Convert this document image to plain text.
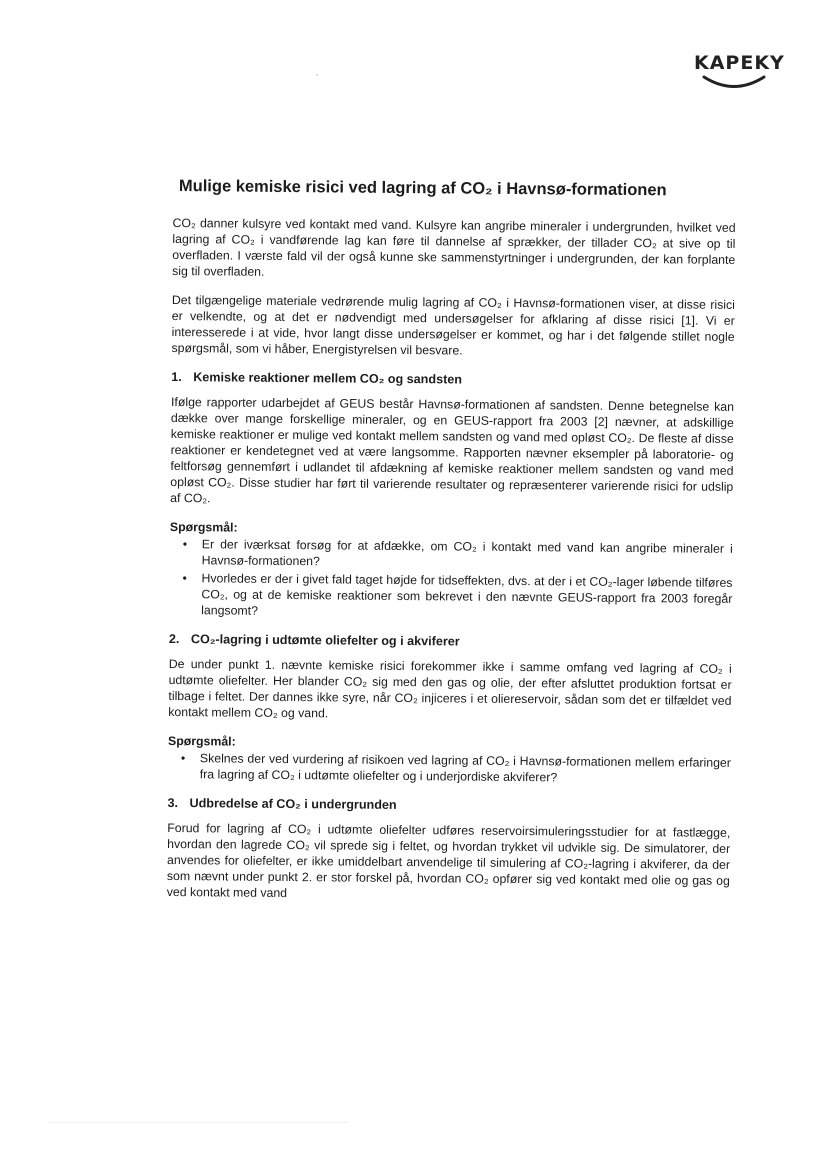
KAPEKY
Mulige kemiske risici ved lagring af CO₂ i Havnsø-formationen

CO₂ danner kulsyre ved kontakt med vand. Kulsyre kan angribe mineraler i undergrunden, hvilket ved lagring af CO₂ i vandførende lag kan føre til dannelse af sprækker, der tillader CO₂ at sive op til overfladen. I værste fald vil der også kunne ske sammenstyrtninger i undergrunden, der kan forplante sig til overfladen.

Det tilgængelige materiale vedrørende mulig lagring af CO₂ i Havnsø-formationen viser, at disse risici er velkendte, og at det er nødvendigt med undersøgelser for afklaring af disse risici [1]. Vi er interesserede i at vide, hvor langt disse undersøgelser er kommet, og har i det følgende stillet nogle spørgsmål, som vi håber, Energistyrelsen vil besvare.

1. Kemiske reaktioner mellem CO₂ og sandsten

Ifølge rapporter udarbejdet af GEUS består Havnsø-formationen af sandsten. Denne betegnelse kan dække over mange forskellige mineraler, og en GEUS-rapport fra 2003 [2] nævner, at adskillige kemiske reaktioner er mulige ved kontakt mellem sandsten og vand med opløst CO₂. De fleste af disse reaktioner er kendetegnet ved at være langsomme. Rapporten nævner eksempler på laboratorie- og feltforsøg gennemført i udlandet til afdækning af kemiske reaktioner mellem sandsten og vand med opløst CO₂. Disse studier har ført til varierende resultater og repræsenterer varierende risici for udslip af CO₂.

Spørgsmål:
• Er der iværksat forsøg for at afdække, om CO₂ i kontakt med vand kan angribe mineraler i Havnsø-formationen?
• Hvorledes er der i givet fald taget højde for tidseffekten, dvs. at der i et CO₂-lager løbende tilføres CO₂, og at de kemiske reaktioner som bekrevet i den nævnte GEUS-rapport fra 2003 foregår langsomt?
2. CO₂-lagring i udtømte oliefelter og i akviferer

De under punkt 1. nævnte kemiske risici forekommer ikke i samme omfang ved lagring af CO₂ i udtømte oliefelter. Her blander CO₂ sig med den gas og olie, der efter afsluttet produktion fortsat er tilbage i feltet. Der dannes ikke syre, når CO₂ injiceres i et oliereservoir, sådan som det er tilfældet ved kontakt mellem CO₂ og vand.

Spørgsmål:
• Skelnes der ved vurdering af risikoen ved lagring af CO₂ i Havnsø-formationen mellem erfaringer fra lagring af CO₂ i udtømte oliefelter og i underjordiske akviferer?
3. Udbredelse af CO₂ i undergrunden

Forud for lagring af CO₂ i udtømte oliefelter udføres reservoirsimuleringsstudier for at fastlægge, hvordan den lagrede CO₂ vil sprede sig i feltet, og hvordan trykket vil udvikle sig. De simulatorer, der anvendes for oliefelter, er ikke umiddelbart anvendelige til simulering af CO₂-lagring i akviferer, da der som nævnt under punkt 2. er stor forskel på, hvordan CO₂ opfører sig ved kontakt med olie og gas og ved kontakt med vand
